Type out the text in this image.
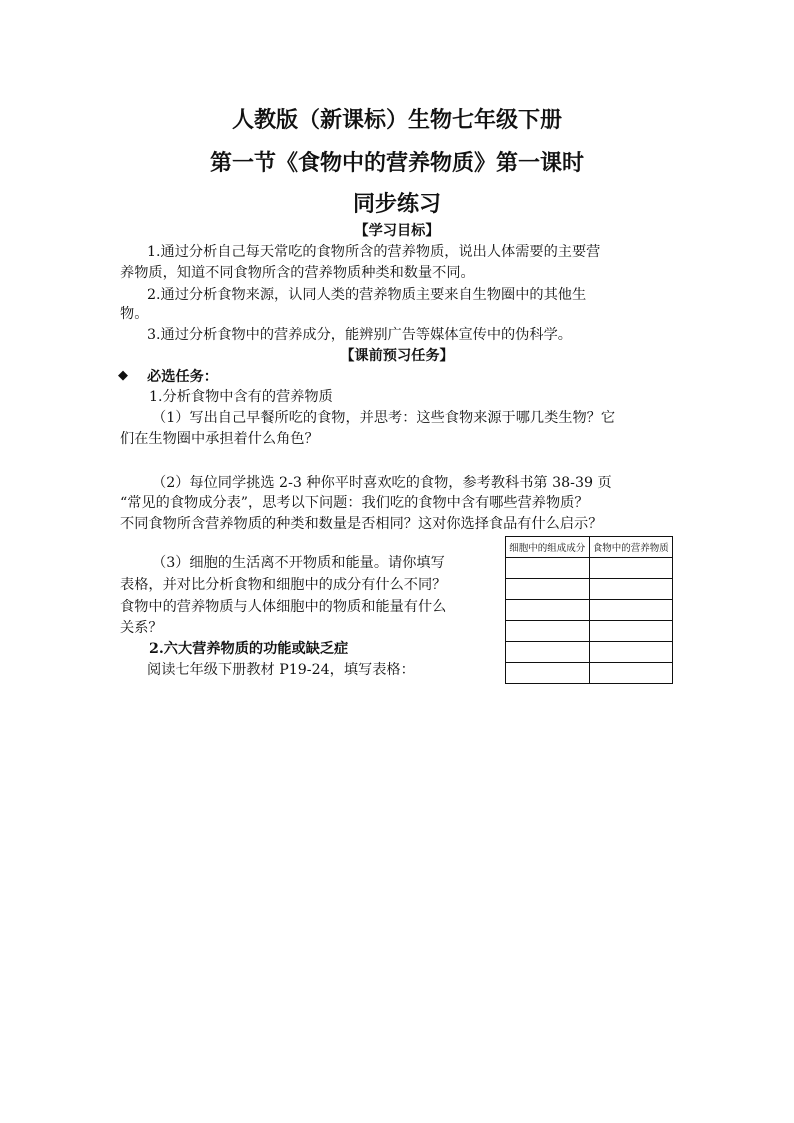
人教版（新课标）生物七年级下册
第一节《食物中的营养物质》第一课时
同步练习
【学习目标】
1.通过分析自己每天常吃的食物所含的营养物质，说出人体需要的主要营
养物质，知道不同食物所含的营养物质种类和数量不同。
2.通过分析食物来源，认同人类的营养物质主要来自生物圈中的其他生
物。
3.通过分析食物中的营养成分，能辨别广告等媒体宣传中的伪科学。
【课前预习任务】
◆ 必选任务：
1.分析食物中含有的营养物质
（1）写出自己早餐所吃的食物，并思考：这些食物来源于哪几类生物？它
们在生物圈中承担着什么角色？
（2）每位同学挑选 2-3 种你平时喜欢吃的食物，参考教科书第 38-39 页
“常见的食物成分表”，思考以下问题：我们吃的食物中含有哪些营养物质？
不同食物所含营养物质的种类和数量是否相同？这对你选择食品有什么启示？
（3）细胞的生活离不开物质和能量。请你填写
表格，并对比分析食物和细胞中的成分有什么不同？
食物中的营养物质与人体细胞中的物质和能量有什么
关系？
2.六大营养物质的功能或缺乏症
阅读七年级下册教材 P19-24，填写表格：
细胞中的组成成分	食物中的营养物质
